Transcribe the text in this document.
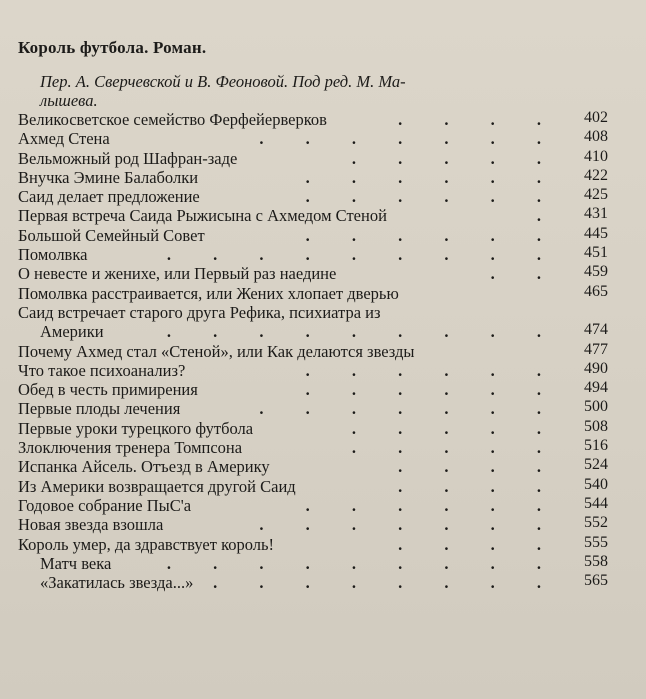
Король футбола. Роман.
Пер. А. Сверчевской и В. Феоновой. Под ред. М. Ма-
лышева.
Великосветское семейство Ферфейерверков	. . . .	402
Ахмед Стена	. . . . . . .	408
Вельможный род Шафран-заде	. . . . .	410
Внучка Эмине Балаболки	. . . . . .	422
Саид делает предложение	. . . . . .	425
Первая встреча Саида Рыжисына с Ахмедом Стеной	.	431
Большой Семейный Совет	. . . . . .	445
Помолвка	. . . . . . . . .	451
О невесте и женихе, или Первый раз наедине	. .	459
Помолвка расстраивается, или Жених хлопает дверью	465
Саид встречает старого друга Рефика, психиатра из
Америки	. . . . . . . . .	474
Почему Ахмед стал «Стеной», или Как делаются звезды	477
Что такое психоанализ?	. . . . . .	490
Обед в честь примирения	. . . . . .	494
Первые плоды лечения	. . . . . . .	500
Первые уроки турецкого футбола	. . . . .	508
Злоключения тренера Томпсона	. . . . .	516
Испанка Айсель. Отъезд в Америку	. . . .	524
Из Америки возвращается другой Саид	. . . .	540
Годовое собрание ПыС'а	. . . . . .	544
Новая звезда взошла	. . . . . . .	552
Король умер, да здравствует король!	. . . .	555
Матч века	. . . . . . . . .	558
«Закатилась звезда...» . . . . . . . .	565
